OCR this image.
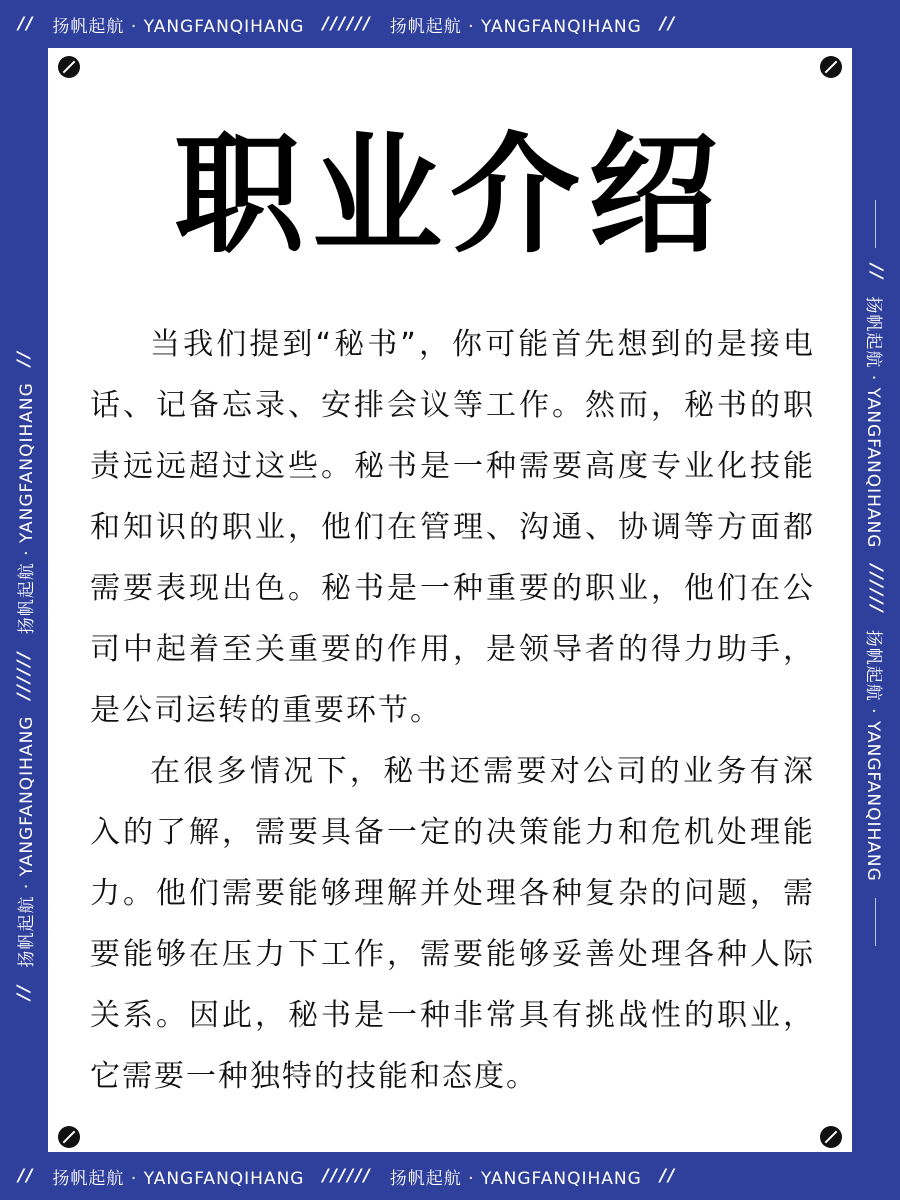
// 扬帆起航 · YANGFANQIHANG ////// 扬帆起航 · YANGFANQIHANG //
//
扬帆起航 · YANGFANQIHANG
//////
扬帆起航 · YANGFANQIHANG
//
//
扬帆起航 · YANGFANQIHANG
//////
扬帆起航 · YANGFANQIHANG
// 扬帆起航 · YANGFANQIHANG ////// 扬帆起航 · YANGFANQIHANG //
职业介绍

当我们提到“秘书”，你可能首先想到的是接电话、记备忘录、安排会议等工作。然而，秘书的职责远远超过这些。秘书是一种需要高度专业化技能和知识的职业，他们在管理、沟通、协调等方面都需要表现出色。秘书是一种重要的职业，他们在公司中起着至关重要的作用，是领导者的得力助手，是公司运转的重要环节。

在很多情况下，秘书还需要对公司的业务有深入的了解，需要具备一定的决策能力和危机处理能力。他们需要能够理解并处理各种复杂的问题，需要能够在压力下工作，需要能够妥善处理各种人际关系。因此，秘书是一种非常具有挑战性的职业，它需要一种独特的技能和态度。
